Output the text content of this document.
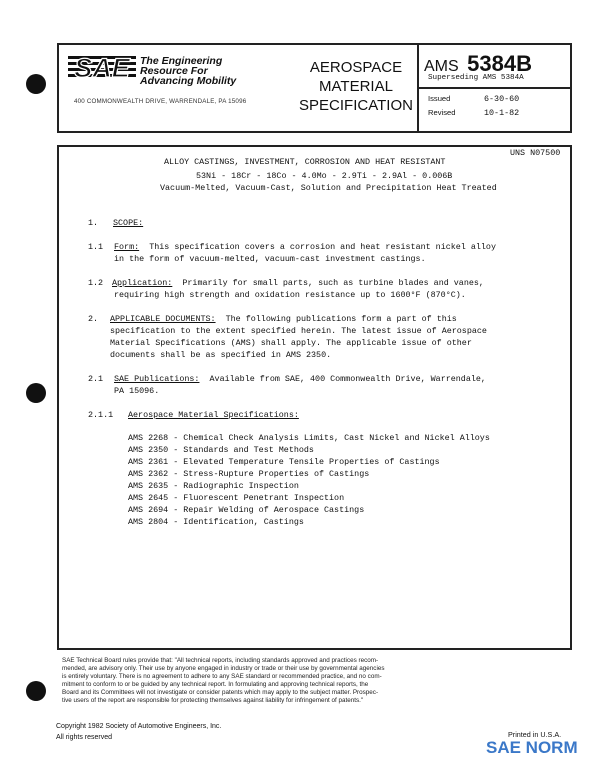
SAE The Engineering
Resource For
Advancing Mobility
400 COMMONWEALTH DRIVE, WARRENDALE, PA 15096
AEROSPACE
MATERIAL
SPECIFICATION
AMS 5384B
Superseding AMS 5384A
Issued	6-30-60
Revised	10-1-82
UNS N07500
ALLOY CASTINGS, INVESTMENT, CORROSION AND HEAT RESISTANT
53Ni - 18Cr - 18Co - 4.0Mo - 2.9Ti - 2.9Al - 0.006B
Vacuum-Melted, Vacuum-Cast, Solution and Precipitation Heat Treated
1. SCOPE:
1.1 Form: This specification covers a corrosion and heat resistant nickel alloy
in the form of vacuum-melted, vacuum-cast investment castings.
1.2 Application: Primarily for small parts, such as turbine blades and vanes,
requiring high strength and oxidation resistance up to 1600°F (870°C).
2. APPLICABLE DOCUMENTS: The following publications form a part of this
specification to the extent specified herein. The latest issue of Aerospace
Material Specifications (AMS) shall apply. The applicable issue of other
documents shall be as specified in AMS 2350.
2.1 SAE Publications: Available from SAE, 400 Commonwealth Drive, Warrendale,
PA 15096.
2.1.1 Aerospace Material Specifications:
AMS 2268 - Chemical Check Analysis Limits, Cast Nickel and Nickel Alloys
AMS 2350 - Standards and Test Methods
AMS 2361 - Elevated Temperature Tensile Properties of Castings
AMS 2362 - Stress-Rupture Properties of Castings
AMS 2635 - Radiographic Inspection
AMS 2645 - Fluorescent Penetrant Inspection
AMS 2694 - Repair Welding of Aerospace Castings
AMS 2804 - Identification, Castings
SAE Technical Board rules provide that: "All technical reports, including standards approved and practices recom-
mended, are advisory only. Their use by anyone engaged in industry or trade or their use by governmental agencies
is entirely voluntary. There is no agreement to adhere to any SAE standard or recommended practice, and no com-
mitment to conform to or be guided by any technical report. In formulating and approving technical reports, the
Board and its Committees will not investigate or consider patents which may apply to the subject matter. Prospec-
tive users of the report are responsible for protecting themselves against liability for infringement of patents."
Copyright 1982 Society of Automotive Engineers, Inc.
All rights reserved	Printed in U.S.A.
SAE NORM
